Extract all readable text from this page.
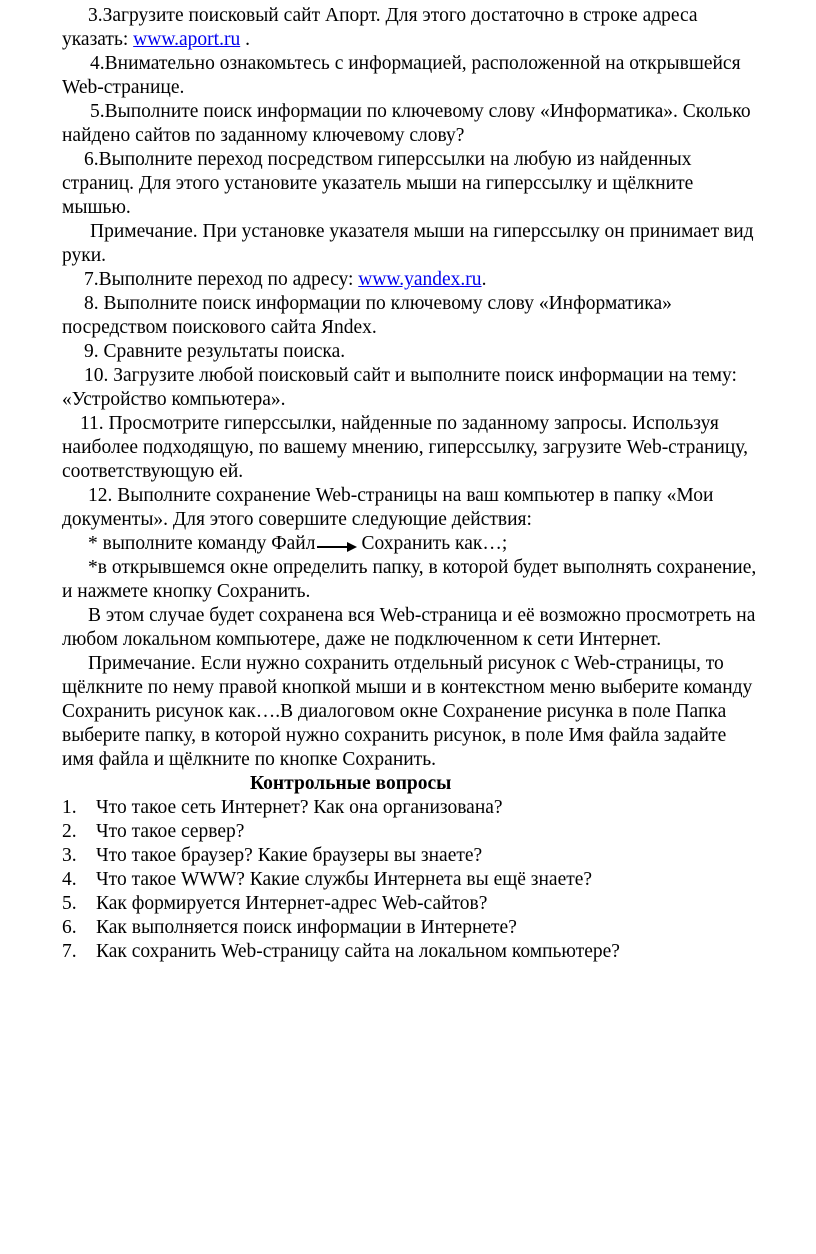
3.Загрузите поисковый сайт Апорт. Для этого достаточно в строке адреса
указать: www.aport.ru .
4.Внимательно ознакомьтесь с информацией, расположенной на открывшейся
Web-странице.
5.Выполните поиск информации по ключевому слову «Информатика». Сколько
найдено сайтов по заданному ключевому слову?
6.Выполните переход посредством гиперссылки на любую из найденных
страниц. Для этого установите указатель мыши на гиперссылку и щёлкните
мышью.
Примечание. При установке указателя мыши на гиперссылку он принимает вид
руки.
7.Выполните переход по адресу: www.yandex.ru.
8. Выполните поиск информации по ключевому слову «Информатика»
посредством поискового сайта Яndex.
9. Сравните результаты поиска.
10. Загрузите любой поисковый сайт и выполните поиск информации на тему:
«Устройство компьютера».
11. Просмотрите гиперссылки, найденные по заданному запросы. Используя
наиболее подходящую, по вашему мнению, гиперссылку, загрузите Web-страницу,
соответствующую ей.
12. Выполните сохранение Web-страницы на ваш компьютер в папку «Мои
документы». Для этого совершите следующие действия:
* выполните команду Файл Сохранить как…;
*в открывшемся окне определить папку, в которой будет выполнять сохранение,
и нажмете кнопку Сохранить.
В этом случае будет сохранена вся Web-страница и её возможно просмотреть на
любом локальном компьютере, даже не подключенном к сети Интернет.
Примечание. Если нужно сохранить отдельный рисунок с Web-страницы, то
щёлкните по нему правой кнопкой мыши и в контекстном меню выберите команду
Сохранить рисунок как….В диалоговом окне Сохранение рисунка в поле Папка
выберите папку, в которой нужно сохранить рисунок, в поле Имя файла задайте
имя файла и щёлкните по кнопке Сохранить.
Контрольные вопросы
1. Что такое сеть Интернет? Как она организована?
2. Что такое сервер?
3. Что такое браузер? Какие браузеры вы знаете?
4. Что такое WWW? Какие службы Интернета вы ещё знаете?
5. Как формируется Интернет-адрес Web-сайтов?
6. Как выполняется поиск информации в Интернете?
7. Как сохранить Web-страницу сайта на локальном компьютере?
